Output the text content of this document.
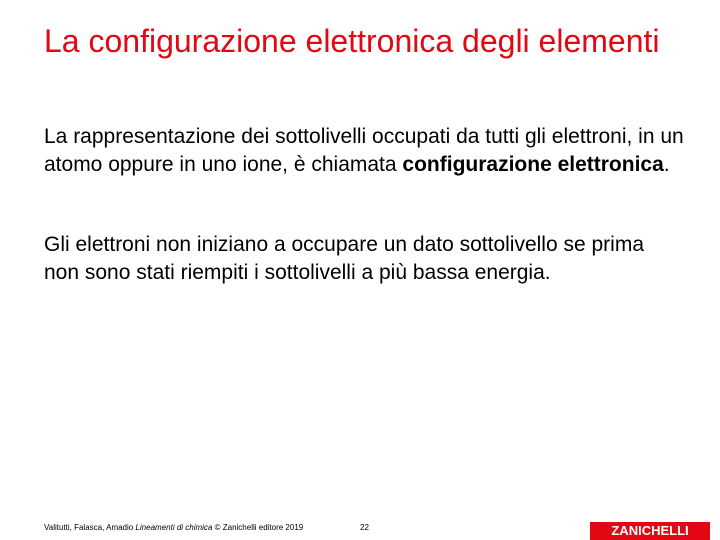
La configurazione elettronica degli elementi

La rappresentazione dei sottolivelli occupati da tutti gli elettroni, in un atomo oppure in uno ione, è chiamata configurazione elettronica.

Gli elettroni non iniziano a occupare un dato sottolivello se prima non sono stati riempiti i sottolivelli a più bassa energia.

Valitutti, Falasca, Amadio Lineamenti di chimica © Zanichelli editore 2019	22	ZANICHELLI
